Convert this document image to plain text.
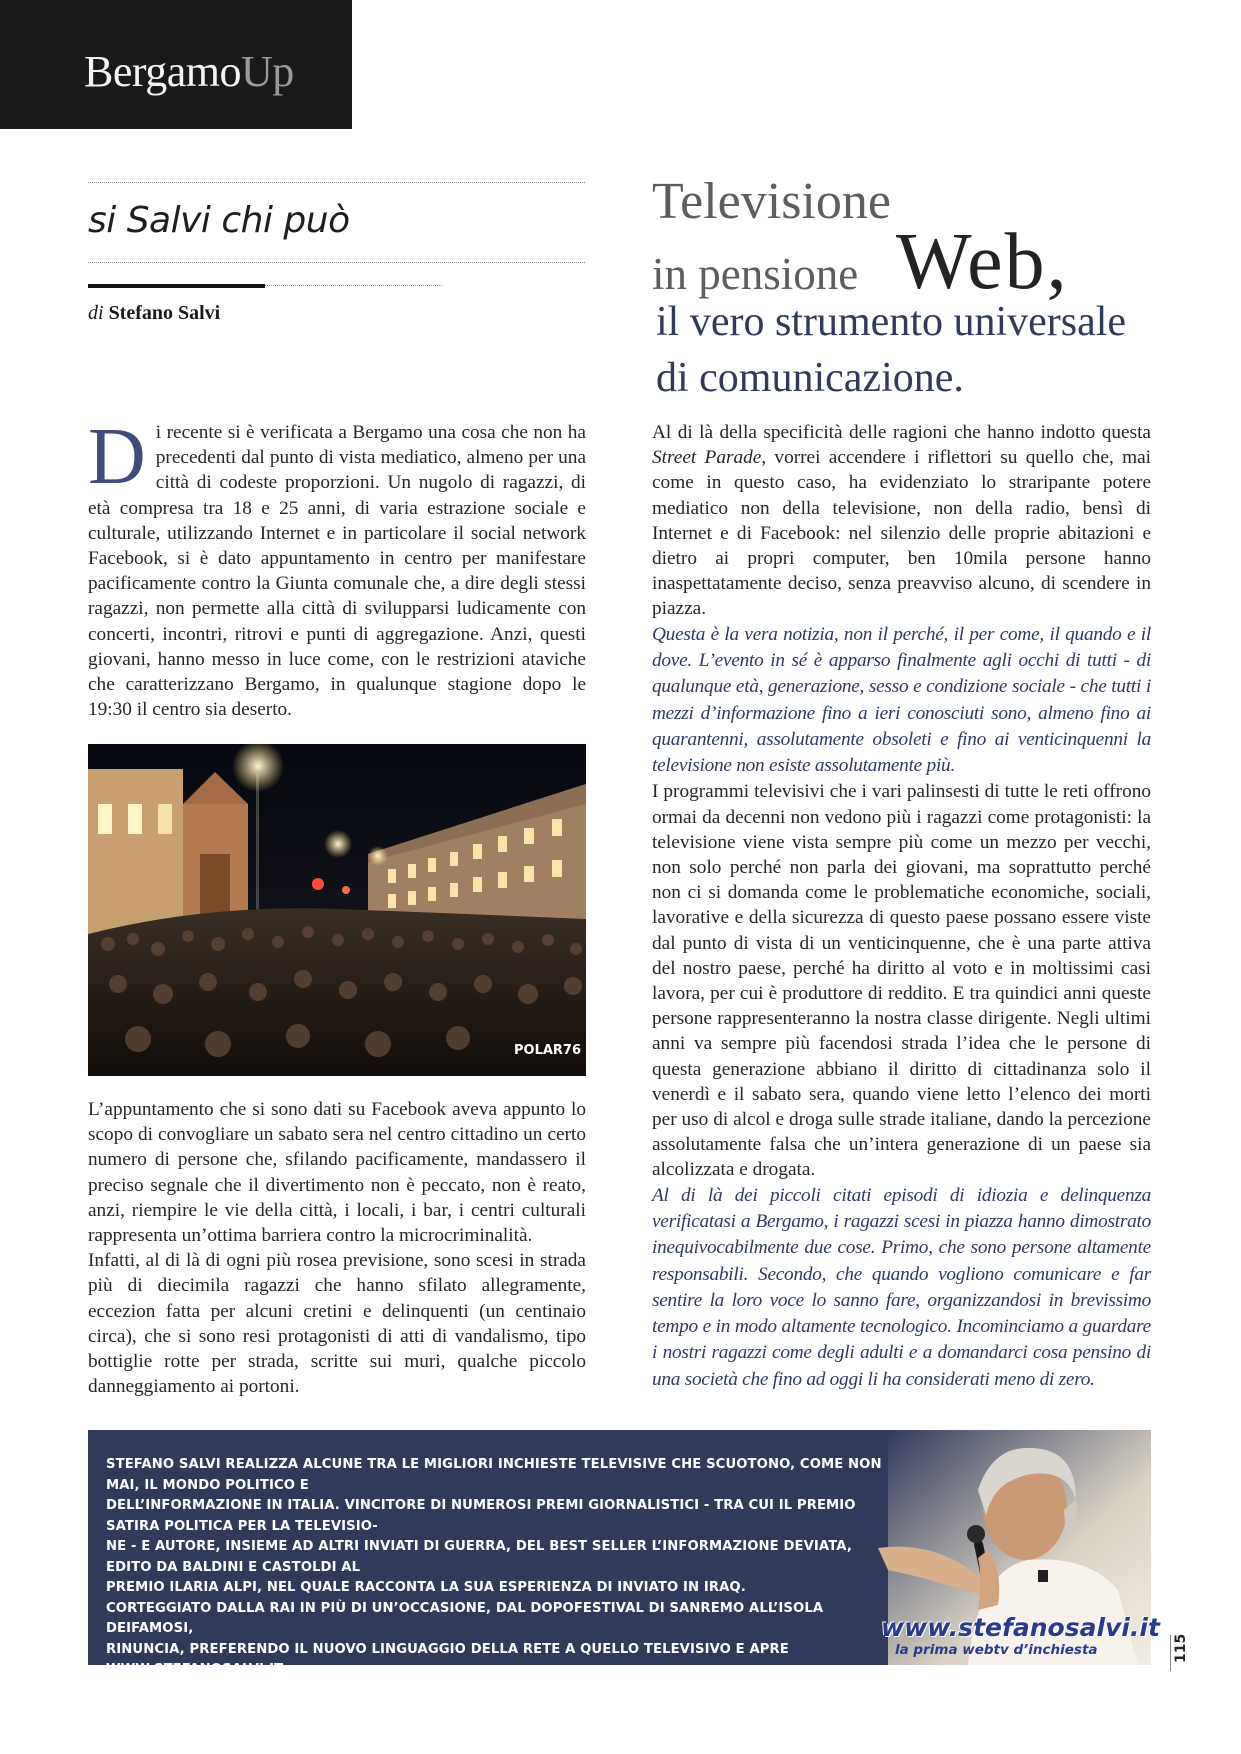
BergamoUp
si Salvi chi può
di Stefano Salvi
Televisione
in pensione Web,
il vero strumento universale
di comunicazione.

Di recente si è verificata a Bergamo una cosa che non ha precedenti dal punto di vista mediatico, almeno per una città di codeste proporzioni. Un nugolo di ragazzi, di età compresa tra 18 e 25 anni, di varia estrazione sociale e culturale, utilizzando Internet e in particolare il social network Facebook, si è dato appuntamento in centro per manifestare pacificamente contro la Giunta comunale che, a dire degli stessi ragazzi, non permette alla città di svilupparsi ludicamente con concerti, incontri, ritrovi e punti di aggregazione. Anzi, questi giovani, hanno messo in luce come, con le restrizioni ataviche che caratterizzano Bergamo, in qualunque stagione dopo le 19:30 il centro sia deserto.

POLAR76

L’appuntamento che si sono dati su Facebook aveva appunto lo scopo di convogliare un sabato sera nel centro cittadino un certo numero di persone che, sfilando pacificamente, mandassero il preciso segnale che il divertimento non è peccato, non è reato, anzi, riempire le vie della città, i locali, i bar, i centri culturali rappresenta un’ottima barriera contro la microcriminalità.

Infatti, al di là di ogni più rosea previsione, sono scesi in strada più di diecimila ragazzi che hanno sfilato allegramente, eccezion fatta per alcuni cretini e delinquenti (un centinaio circa), che si sono resi protagonisti di atti di vandalismo, tipo bottiglie rotte per strada, scritte sui muri, qualche piccolo danneggiamento ai portoni.

Al di là della specificità delle ragioni che hanno indotto questa Street Parade, vorrei accendere i riflettori su quello che, mai come in questo caso, ha evidenziato lo straripante potere mediatico non della televisione, non della radio, bensì di Internet e di Facebook: nel silenzio delle proprie abitazioni e dietro ai propri computer, ben 10mila persone hanno inaspettatamente deciso, senza preavviso alcuno, di scendere in piazza.

Questa è la vera notizia, non il perché, il per come, il quando e il dove. L’evento in sé è apparso finalmente agli occhi di tutti - di qualunque età, generazione, sesso e condizione sociale - che tutti i mezzi d’informazione fino a ieri conosciuti sono, almeno fino ai quarantenni, assolutamente obsoleti e fino ai venticinquenni la televisione non esiste assolutamente più.

I programmi televisivi che i vari palinsesti di tutte le reti offrono ormai da decenni non vedono più i ragazzi come protagonisti: la televisione viene vista sempre più come un mezzo per vecchi, non solo perché non parla dei giovani, ma soprattutto perché non ci si domanda come le problematiche economiche, sociali, lavorative e della sicurezza di questo paese possano essere viste dal punto di vista di un venticinquenne, che è una parte attiva del nostro paese, perché ha diritto al voto e in moltissimi casi lavora, per cui è produttore di reddito. E tra quindici anni queste persone rappresenteranno la nostra classe dirigente. Negli ultimi anni va sempre più facendosi strada l’idea che le persone di questa generazione abbiano il diritto di cittadinanza solo il venerdì e il sabato sera, quando viene letto l’elenco dei morti per uso di alcol e droga sulle strade italiane, dando la percezione assolutamente falsa che un’intera generazione di un paese sia alcolizzata e drogata.

Al di là dei piccoli citati episodi di idiozia e delinquenza verificatasi a Bergamo, i ragazzi scesi in piazza hanno dimostrato inequivocabilmente due cose. Primo, che sono persone altamente responsabili. Secondo, che quando vogliono comunicare e far sentire la loro voce lo sanno fare, organizzandosi in brevissimo tempo e in modo altamente tecnologico. Incominciamo a guardare i nostri ragazzi come degli adulti e a domandarci cosa pensino di una società che fino ad oggi li ha considerati meno di zero.

STEFANO SALVI REALIZZA ALCUNE TRA LE MIGLIORI INCHIESTE TELEVISIVE CHE SCUOTONO, COME NON MAI, IL MONDO POLITICO E
DELL’INFORMAZIONE IN ITALIA. VINCITORE DI NUMEROSI PREMI GIORNALISTICI - TRA CUI IL PREMIO SATIRA POLITICA PER LA TELEVISIO-
NE - E AUTORE, INSIEME AD ALTRI INVIATI DI GUERRA, DEL BEST SELLER L’INFORMAZIONE DEVIATA, EDITO DA BALDINI E CASTOLDI AL
PREMIO ILARIA ALPI, NEL QUALE RACCONTA LA SUA ESPERIENZA DI INVIATO IN IRAQ.
CORTEGGIATO DALLA RAI IN PIÙ DI UN’OCCASIONE, DAL DOPOFESTIVAL DI SANREMO ALL’ISOLA DEIFAMOSI,
RINUNCIA, PREFERENDO IL NUOVO LINGUAGGIO DELLA RETE A QUELLO TELEVISIVO E APRE WWW.STEFANOSALVI.IT,
CHE DIVENTA BEN PRESTO LA PRIMA WEBTV D’INCHIESTA.
www.stefanosalvi.it
la prima webtv d’inchiesta	115
